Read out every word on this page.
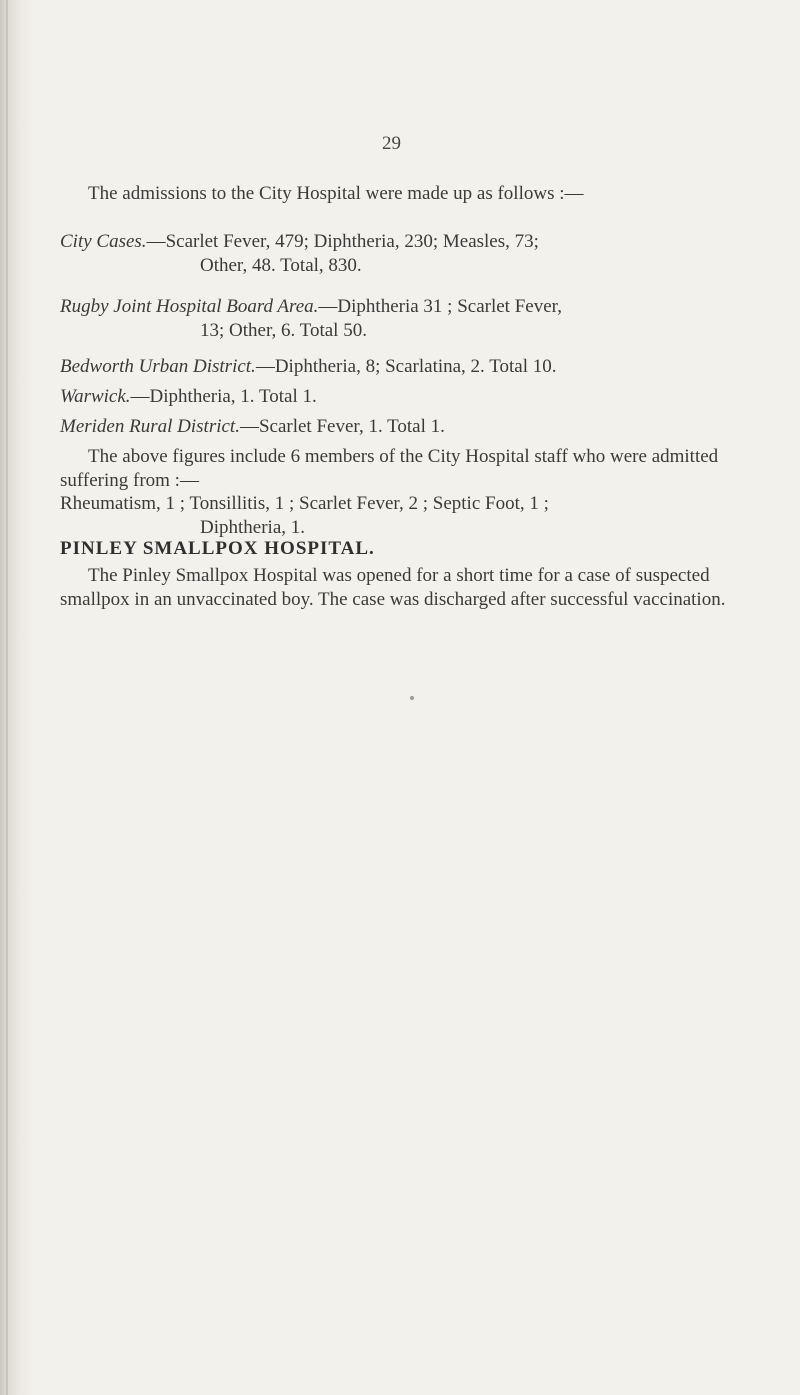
29
The admissions to the City Hospital were made up as follows :—
City Cases.—Scarlet Fever, 479; Diphtheria, 230; Measles, 73;
Other, 48. Total, 830.
Rugby Joint Hospital Board Area.—Diphtheria 31 ; Scarlet Fever,
13; Other, 6. Total 50.
Bedworth Urban District.—Diphtheria, 8; Scarlatina, 2. Total 10.
Warwick.—Diphtheria, 1. Total 1.
Meriden Rural District.—Scarlet Fever, 1. Total 1.
The above figures include 6 members of the City Hospital staff who were admitted suffering from :—
Rheumatism, 1 ; Tonsillitis, 1 ; Scarlet Fever, 2 ; Septic Foot, 1 ;
Diphtheria, 1.
PINLEY SMALLPOX HOSPITAL.
The Pinley Smallpox Hospital was opened for a short time for a case of suspected smallpox in an unvaccinated boy. The case was discharged after successful vaccination.
